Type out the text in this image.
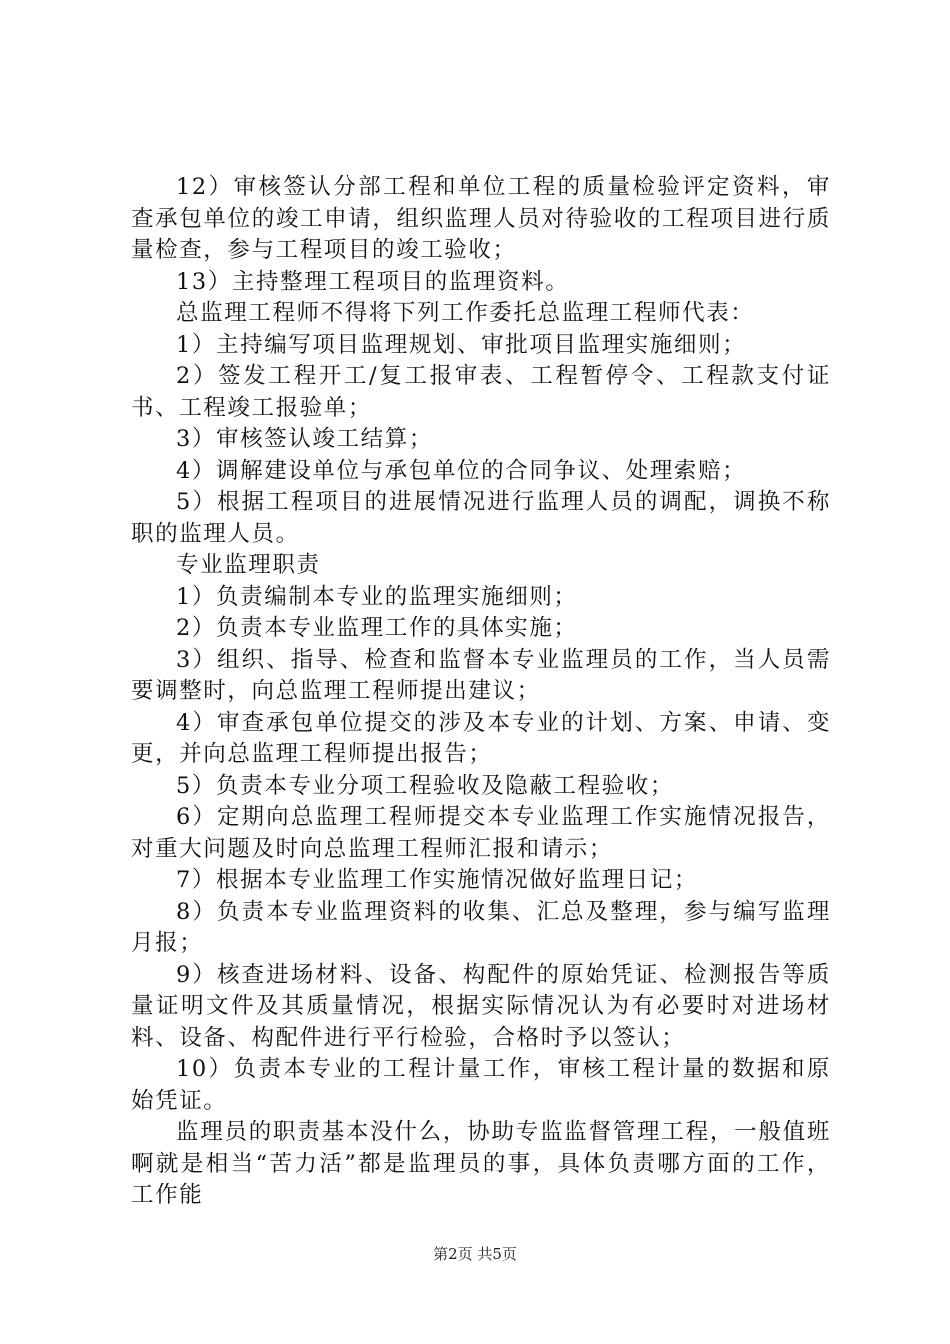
12）审核签认分部工程和单位工程的质量检验评定资料，审查承包单位的竣工申请，组织监理人员对待验收的工程项目进行质量检查，参与工程项目的竣工验收；

13）主持整理工程项目的监理资料。

总监理工程师不得将下列工作委托总监理工程师代表：

1）主持编写项目监理规划、审批项目监理实施细则；

2）签发工程开工/复工报审表、工程暂停令、工程款支付证书、工程竣工报验单；

3）审核签认竣工结算；

4）调解建设单位与承包单位的合同争议、处理索赔；

5）根据工程项目的进展情况进行监理人员的调配，调换不称职的监理人员。

专业监理职责

1）负责编制本专业的监理实施细则；

2）负责本专业监理工作的具体实施；

3）组织、指导、检查和监督本专业监理员的工作，当人员需要调整时，向总监理工程师提出建议；

4）审查承包单位提交的涉及本专业的计划、方案、申请、变更，并向总监理工程师提出报告；

5）负责本专业分项工程验收及隐蔽工程验收；

6）定期向总监理工程师提交本专业监理工作实施情况报告，对重大问题及时向总监理工程师汇报和请示；

7）根据本专业监理工作实施情况做好监理日记；

8）负责本专业监理资料的收集、汇总及整理，参与编写监理月报；

9）核查进场材料、设备、构配件的原始凭证、检测报告等质量证明文件及其质量情况，根据实际情况认为有必要时对进场材料、设备、构配件进行平行检验，合格时予以签认；

10）负责本专业的工程计量工作，审核工程计量的数据和原始凭证。

监理员的职责基本没什么，协助专监监督管理工程，一般值班啊就是相当“苦力活”都是监理员的事，具体负责哪方面的工作，工作能

第2页 共5页
